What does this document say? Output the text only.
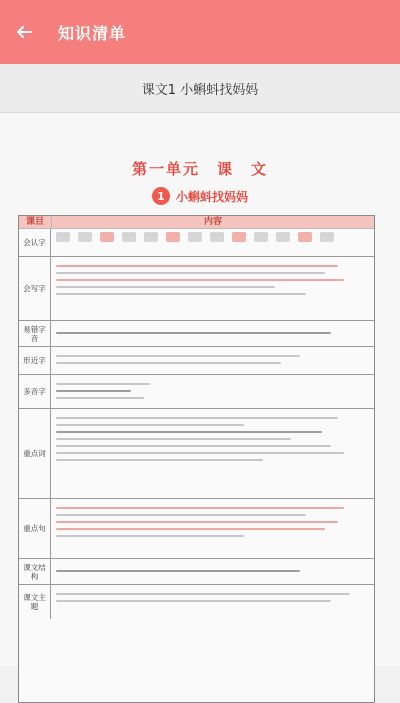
知识清单
课文1 小蝌蚪找妈妈
第一单元　课　文
1 小蝌蚪找妈妈
课目	内容
会认字
会写字
易错字音
形近字
多音字
重点词
重点句
课文结构
课文主题
